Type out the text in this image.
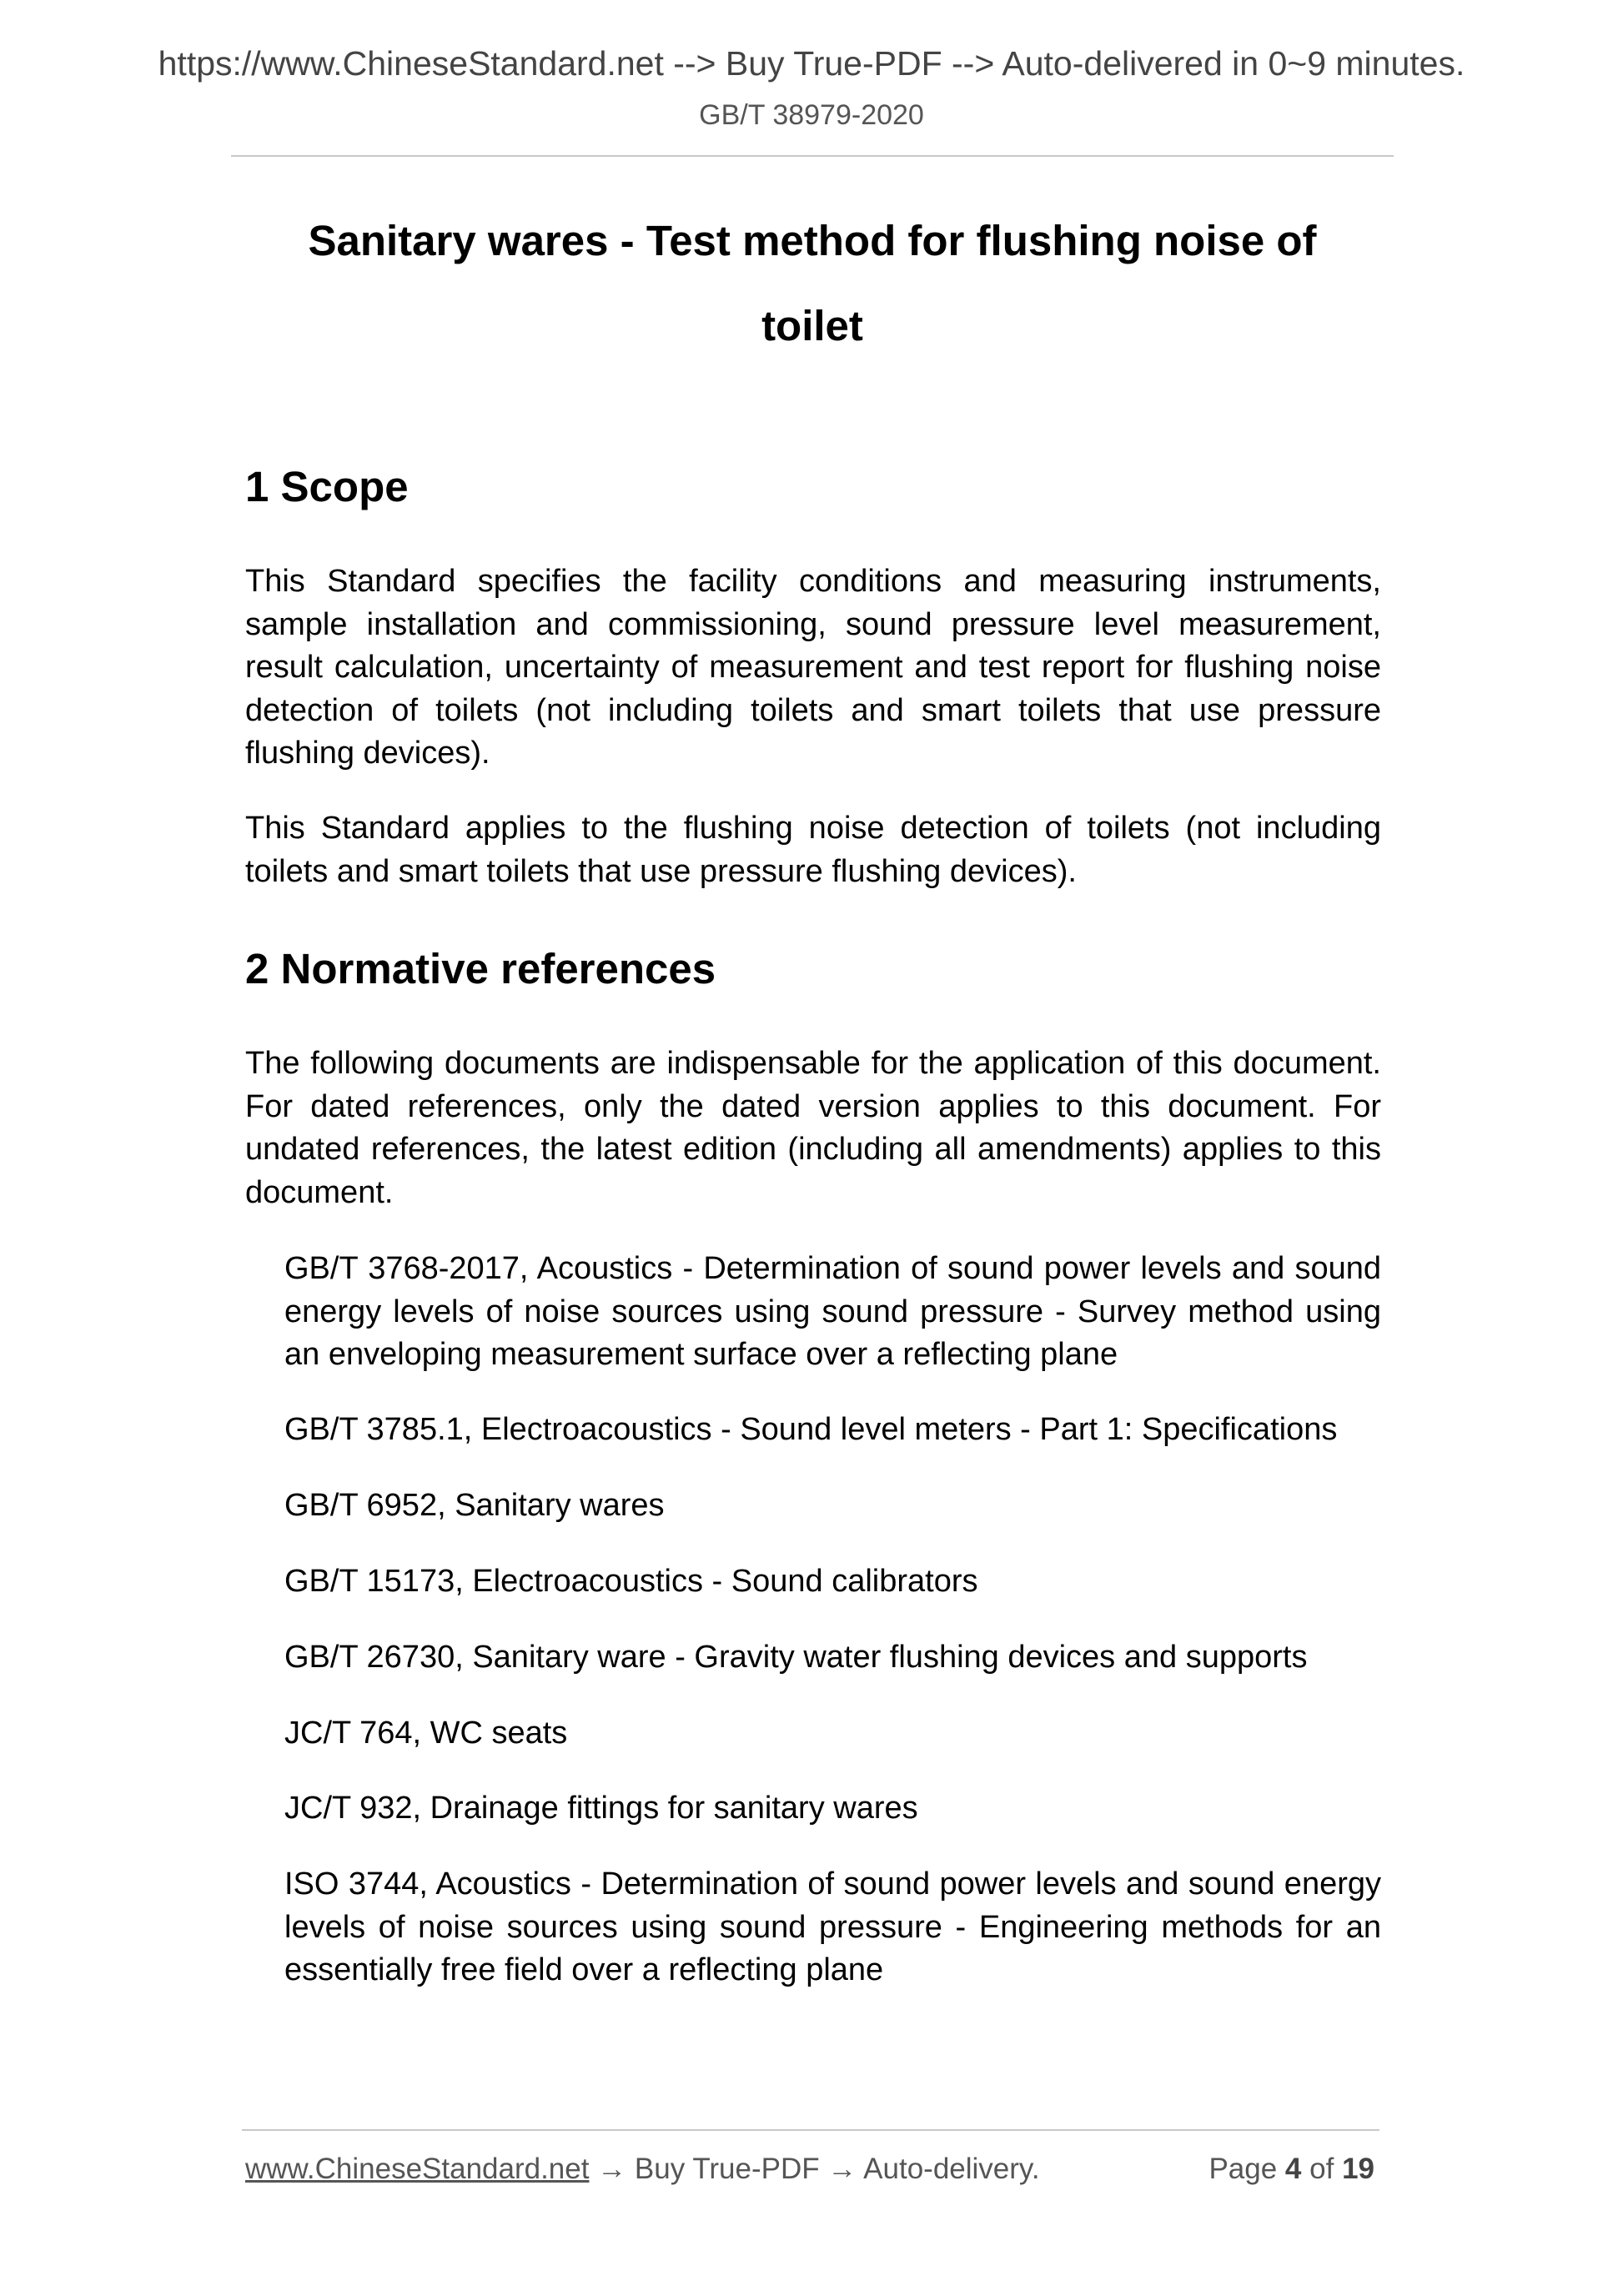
https://www.ChineseStandard.net --> Buy True-PDF --> Auto-delivered in 0~9 minutes.
GB/T 38979-2020
Sanitary wares - Test method for flushing noise of
toilet
1 Scope

This Standard specifies the facility conditions and measuring instruments, sample installation and commissioning, sound pressure level measurement, result calculation, uncertainty of measurement and test report for flushing noise detection of toilets (not including toilets and smart toilets that use pressure flushing devices).

This Standard applies to the flushing noise detection of toilets (not including toilets and smart toilets that use pressure flushing devices).

2 Normative references

The following documents are indispensable for the application of this document. For dated references, only the dated version applies to this document. For undated references, the latest edition (including all amendments) applies to this document.

GB/T 3768-2017, Acoustics - Determination of sound power levels and sound energy levels of noise sources using sound pressure - Survey method using an enveloping measurement surface over a reflecting plane

GB/T 3785.1, Electroacoustics - Sound level meters - Part 1: Specifications

GB/T 6952, Sanitary wares

GB/T 15173, Electroacoustics - Sound calibrators

GB/T 26730, Sanitary ware - Gravity water flushing devices and supports

JC/T 764, WC seats

JC/T 932, Drainage fittings for sanitary wares

ISO 3744, Acoustics - Determination of sound power levels and sound energy levels of noise sources using sound pressure - Engineering methods for an essentially free field over a reflecting plane

www.ChineseStandard.net → Buy True-PDF → Auto-delivery.	Page 4 of 19
